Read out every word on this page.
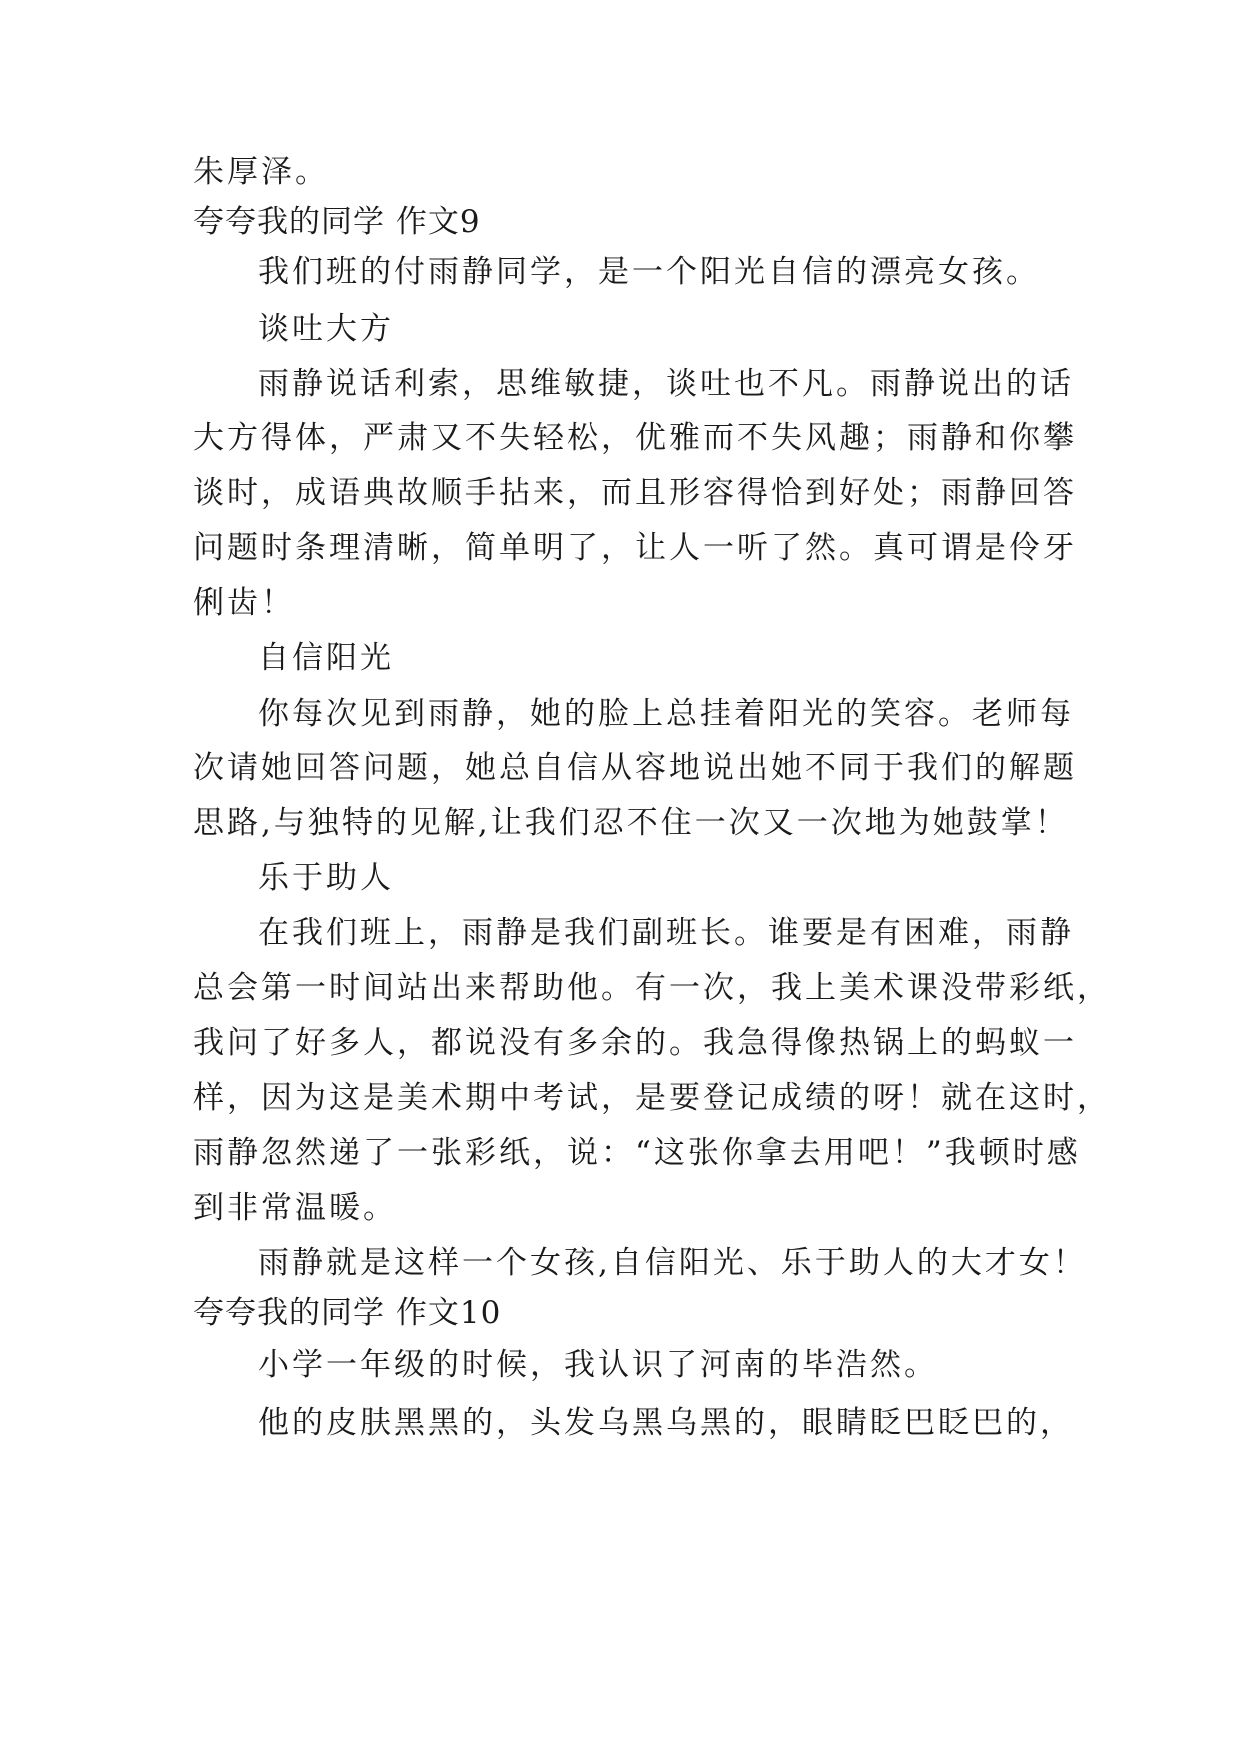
朱厚泽。
夸夸我的同学 作文9
我们班的付雨静同学，是一个阳光自信的漂亮女孩。
谈吐大方
雨静说话利索，思维敏捷，谈吐也不凡。雨静说出的话
大方得体，严肃又不失轻松，优雅而不失风趣；雨静和你攀
谈时，成语典故顺手拈来，而且形容得恰到好处；雨静回答
问题时条理清晰，简单明了，让人一听了然。真可谓是伶牙
俐齿！
自信阳光
你每次见到雨静，她的脸上总挂着阳光的笑容。老师每
次请她回答问题，她总自信从容地说出她不同于我们的解题
思路,与独特的见解,让我们忍不住一次又一次地为她鼓掌！
乐于助人
在我们班上，雨静是我们副班长。谁要是有困难，雨静
总会第一时间站出来帮助他。有一次，我上美术课没带彩纸，
我问了好多人，都说没有多余的。我急得像热锅上的蚂蚁一
样，因为这是美术期中考试，是要登记成绩的呀！就在这时，
雨静忽然递了一张彩纸，说：“这张你拿去用吧！”我顿时感
到非常温暖。
雨静就是这样一个女孩,自信阳光、乐于助人的大才女！
夸夸我的同学 作文10
小学一年级的时候，我认识了河南的毕浩然。
他的皮肤黑黑的，头发乌黑乌黑的，眼睛眨巴眨巴的，
